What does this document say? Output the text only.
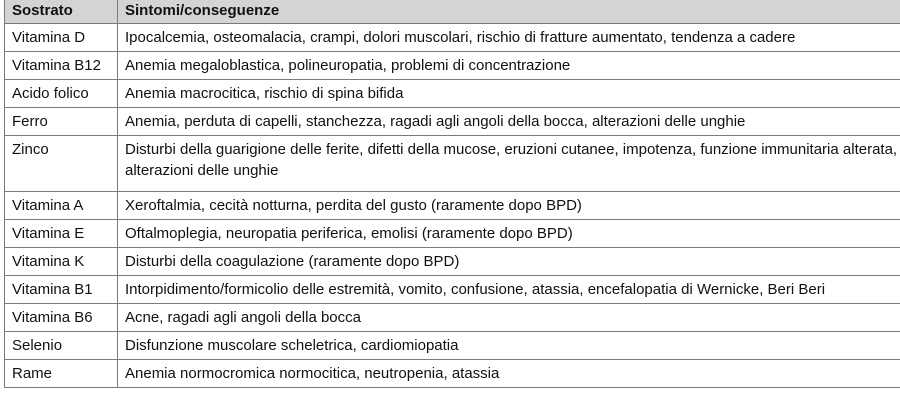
Sostrato	Sintomi/conseguenze
Vitamina D	Ipocalcemia, osteomalacia, crampi, dolori muscolari, rischio di fratture aumentato, tendenza a cadere
Vitamina B12	Anemia megaloblastica, polineuropatia, problemi di concentrazione
Acido folico	Anemia macrocitica, rischio di spina bifida
Ferro	Anemia, perduta di capelli, stanchezza, ragadi agli angoli della bocca, alterazioni delle unghie
Zinco	Disturbi della guarigione delle ferite, difetti della mucose, eruzioni cutanee, impotenza, funzione immunitaria alterata, alterazioni delle unghie
Vitamina A	Xeroftalmia, cecità notturna, perdita del gusto (raramente dopo BPD)
Vitamina E	Oftalmoplegia, neuropatia periferica, emolisi (raramente dopo BPD)
Vitamina K	Disturbi della coagulazione (raramente dopo BPD)
Vitamina B1	Intorpidimento/formicolio delle estremità, vomito, confusione, atassia, encefalopatia di Wernicke, Beri Beri
Vitamina B6	Acne, ragadi agli angoli della bocca
Selenio	Disfunzione muscolare scheletrica, cardiomiopatia
Rame	Anemia normocromica normocitica, neutropenia, atassia
